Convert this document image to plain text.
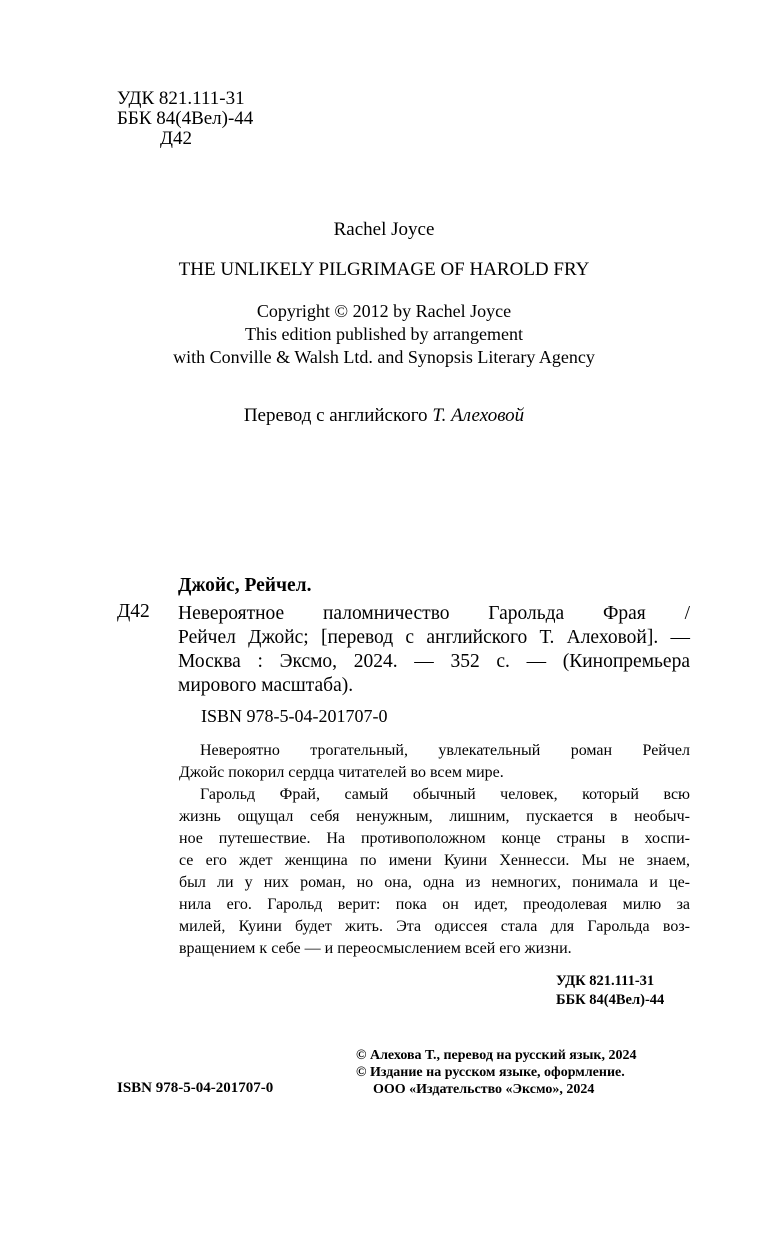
УДК 821.111-31
ББК 84(4Вел)-44
Д42
Rachel Joyce
THE UNLIKELY PILGRIMAGE OF HAROLD FRY
Copyright © 2012 by Rachel Joyce
This edition published by arrangement
with Conville & Walsh Ltd. and Synopsis Literary Agency
Перевод с английского Т. Алеховой
Джойс, Рейчел.
Д42 Невероятное паломничество Гарольда Фрая /
Рейчел Джойс; [перевод с английского Т. Алеховой]. —
Москва : Эксмо, 2024. — 352 с. — (Кинопремьера
мирового масштаба).
ISBN 978-5-04-201707-0
Невероятно трогательный, увлекательный роман Рейчел
Джойс покорил сердца читателей во всем мире.
Гарольд Фрай, самый обычный человек, который всю
жизнь ощущал себя ненужным, лишним, пускается в необыч-
ное путешествие. На противоположном конце страны в хоспи-
се его ждет женщина по имени Куини Хеннесси. Мы не знаем,
был ли у них роман, но она, одна из немногих, понимала и це-
нила его. Гарольд верит: пока он идет, преодолевая милю за
милей, Куини будет жить. Эта одиссея стала для Гарольда воз-
вращением к себе — и переосмыслением всей его жизни.
УДК 821.111-31
ББК 84(4Вел)-44
© Алехова Т., перевод на русский язык, 2024
© Издание на русском языке, оформление.
ООО «Издательство «Эксмо», 2024
ISBN 978-5-04-201707-0
